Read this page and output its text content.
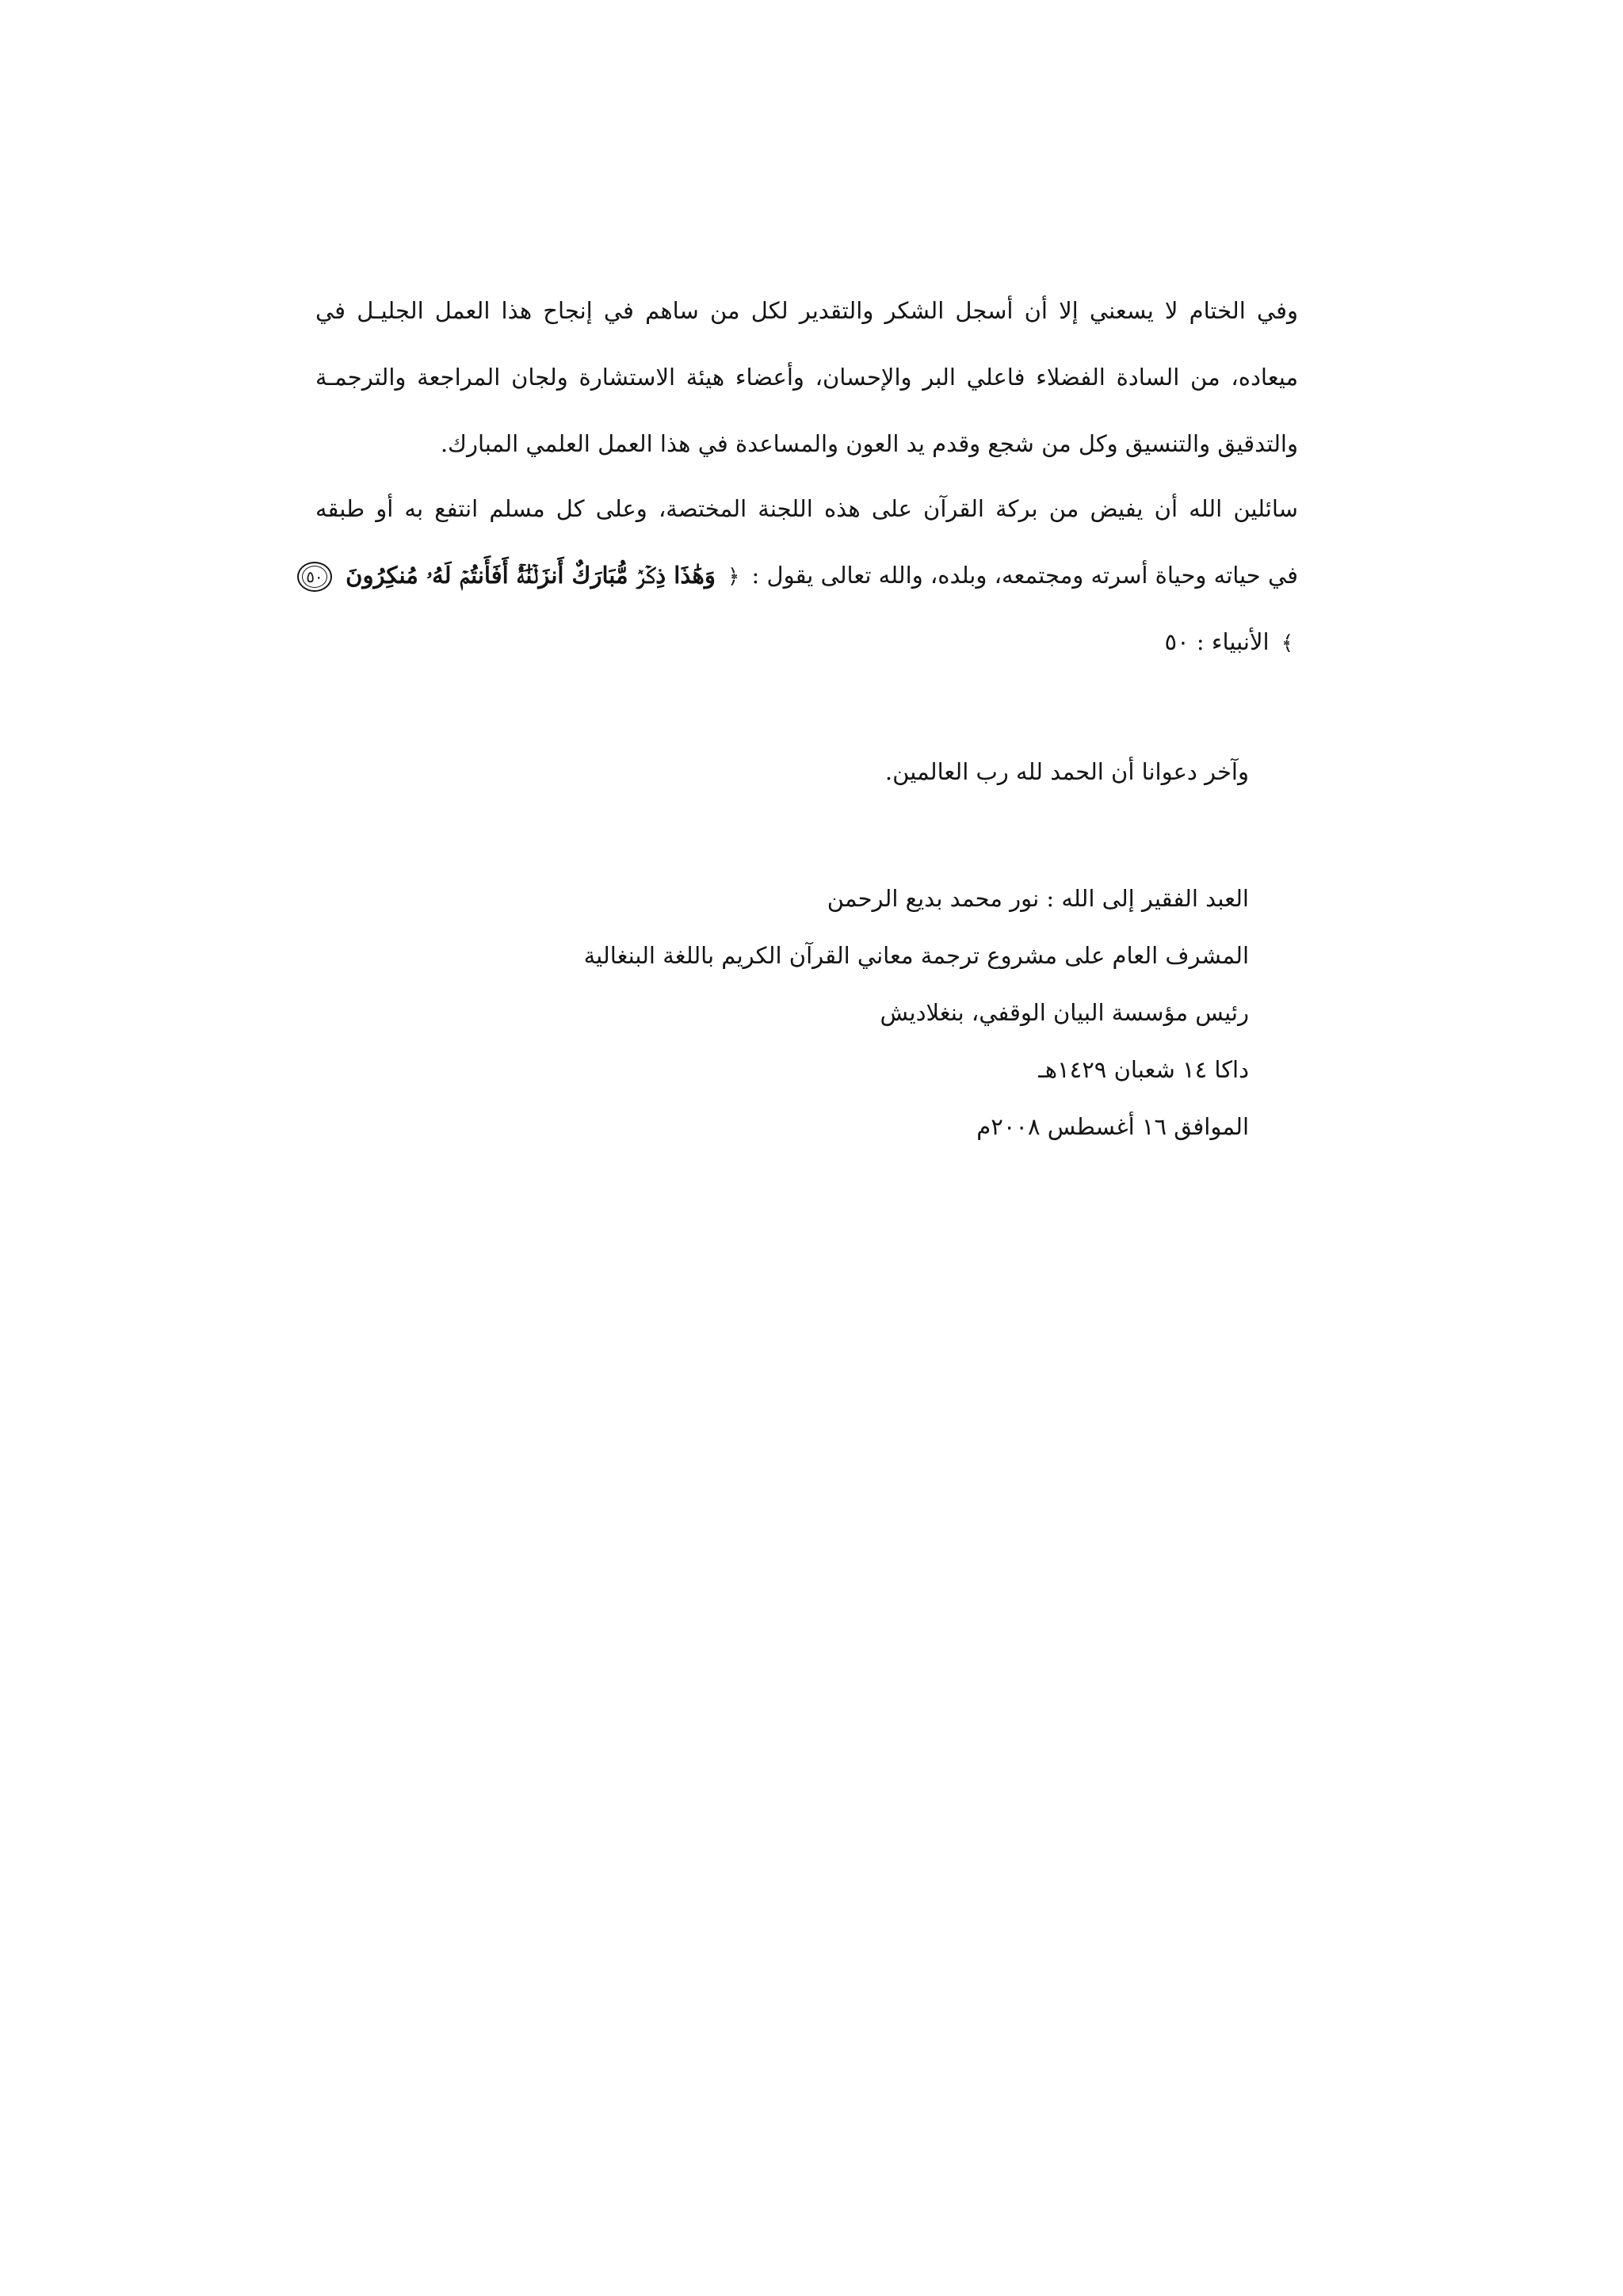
وفي الختام لا يسعني إلا أن أسجل الشكر والتقدير لكل من ساهم في إنجاح هذا العمل الجليـل في
ميعاده، من السادة الفضلاء فاعلي البر والإحسان، وأعضاء هيئة الاستشارة ولجان المراجعة والترجمـة
والتدقيق والتنسيق وكل من شجع وقدم يد العون والمساعدة في هذا العمل العلمي المبارك.
سائلين الله أن يفيض من بركة القرآن على هذه اللجنة المختصة، وعلى كل مسلم انتفع به أو طبقه
في حياته وحياة أسرته ومجتمعه، وبلده، والله تعالى يقول : ﴿ وَهَٰذَا ذِكۡرٞ مُّبَارَكٌ أَنزَلۡنَٰهُۚ أَفَأَنتُمۡ لَهُۥ مُنكِرُونَ ٥٠
﴾ الأنبياء : ٥٠
وآخر دعوانا أن الحمد لله رب العالمين.
العبد الفقير إلى الله : نور محمد بديع الرحمن
المشرف العام على مشروع ترجمة معاني القرآن الكريم باللغة البنغالية
رئيس مؤسسة البيان الوقفي، بنغلاديش
داكا ١٤ شعبان ١٤٢٩هـ
الموافق ١٦ أغسطس ٢٠٠٨م
